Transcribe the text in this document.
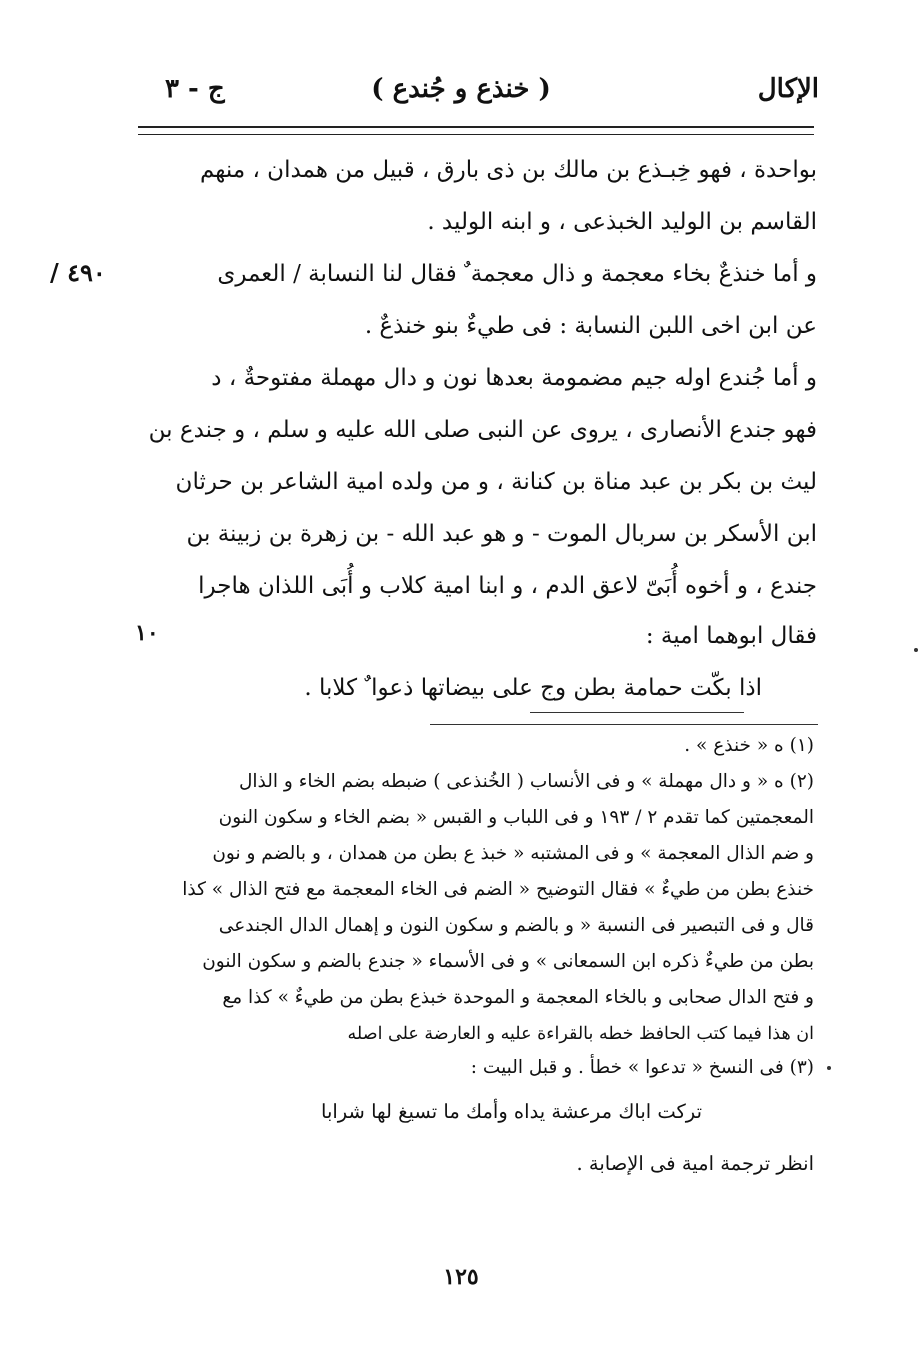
الإكال
( خنذع و جُندع )
ج - ٣
بواحدة ، فهو خِبـذع بن مالك بن ذى بارق ، قبيل من همدان ، منهم
القاسم بن الوليد الخبذعى ، و ابنه الوليد .
و أما خنذعٌ بخاء معجمة و ذال معجمة ٌ فقال لنا النسابة / العمرى
عن ابن اخى اللبن النسابة : فى طيءٌ بنو خنذعٌ .
و أما جُندع اوله جيم مضمومة بعدها نون و دال مهملة مفتوحةٌ ، د
فهو جندع الأنصارى ، يروى عن النبى صلى الله عليه و سلم ، و جندع بن
ليث بن بكر بن عبد مناة بن كنانة ، و من ولده امية الشاعر بن حرثان
ابن الأسكر بن سربال الموت - و هو عبد الله - بن زهرة بن زبينة بن
جندع ، و أخوه أُبَىّ لاعق الدم ، و ابنا امية كلاب و أُبَى اللذان هاجرا
فقال ابوهما امية :
اذا بكّت حمامة بطن وج على بيضاتها ذعوا ٌ كلابا .
/ ٤٩٠
١٠
(١) ه « خنذع » .
(٢) ه « و دال مهملة » و فى الأنساب ( الخُنذعى ) ضبطه بضم الخاء و الذال
المعجمتين كما تقدم ٢ / ١٩٣ و فى اللباب و القبس « بضم الخاء و سكون النون
و ضم الذال المعجمة » و فى المشتبه « خبذ ع بطن من همدان ، و بالضم و نون
خنذع بطن من طيءٌ » فقال التوضيح « الضم فى الخاء المعجمة مع فتح الذال » كذا
قال و فى التبصير فى النسبة « و بالضم و سكون النون و إهمال الدال الجندعى
بطن من طيءٌ ذكره ابن السمعانى » و فى الأسماء « جندع بالضم و سكون النون
و فتح الدال صحابى و بالخاء المعجمة و الموحدة خبذع بطن من طيءٌ » كذا مع
ان هذا فيما كتب الحافظ خطه بالقراءة عليه و العارضة على اصله
(٣) فى النسخ « تدعوا » خطأ . و قبل البيت :
تركت اباك مرعشة يداه وأمك ما تسيغ لها شرابا
انظر ترجمة امية فى الإصابة .
١٢٥
